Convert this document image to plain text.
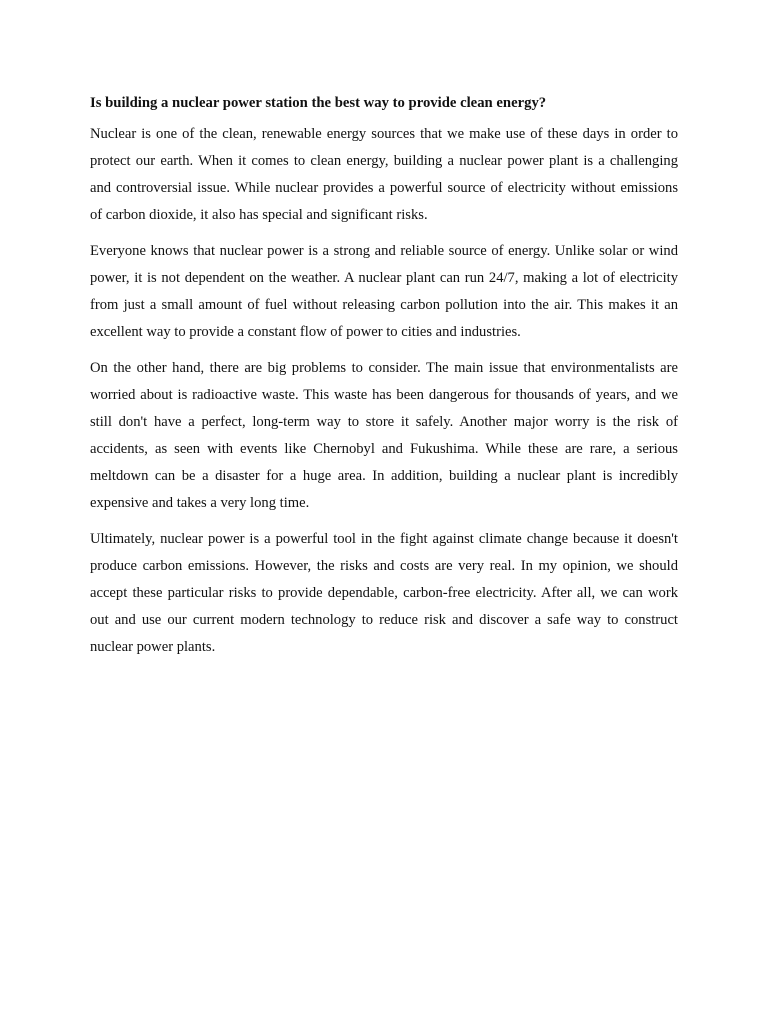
Is building a nuclear power station the best way to provide clean energy?

Nuclear is one of the clean, renewable energy sources that we make use of these days in order to protect our earth. When it comes to clean energy, building a nuclear power plant is a challenging and controversial issue. While nuclear provides a powerful source of electricity without emissions of carbon dioxide, it also has special and significant risks.

Everyone knows that nuclear power is a strong and reliable source of energy. Unlike solar or wind power, it is not dependent on the weather. A nuclear plant can run 24/7, making a lot of electricity from just a small amount of fuel without releasing carbon pollution into the air. This makes it an excellent way to provide a constant flow of power to cities and industries.

On the other hand, there are big problems to consider. The main issue that environmentalists are worried about is radioactive waste. This waste has been dangerous for thousands of years, and we still don't have a perfect, long-term way to store it safely. Another major worry is the risk of accidents, as seen with events like Chernobyl and Fukushima. While these are rare, a serious meltdown can be a disaster for a huge area. In addition, building a nuclear plant is incredibly expensive and takes a very long time.

Ultimately, nuclear power is a powerful tool in the fight against climate change because it doesn't produce carbon emissions. However, the risks and costs are very real. In my opinion, we should accept these particular risks to provide dependable, carbon-free electricity. After all, we can work out and use our current modern technology to reduce risk and discover a safe way to construct nuclear power plants.
